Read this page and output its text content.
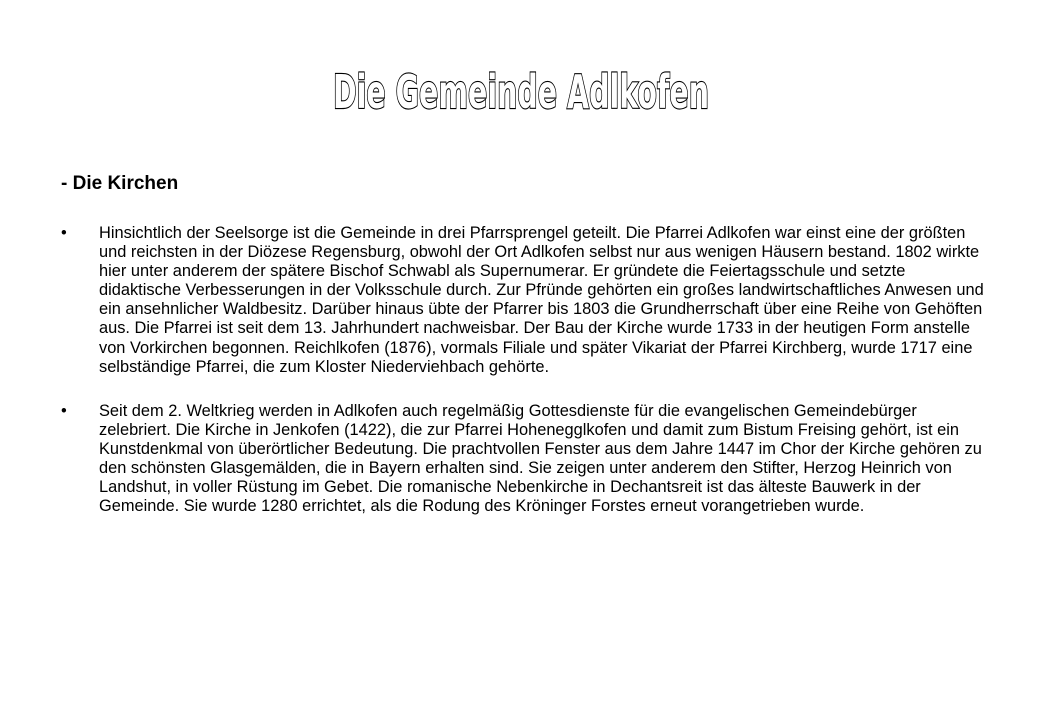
Die Gemeinde Adlkofen
- Die Kirchen
•	Hinsichtlich der Seelsorge ist die Gemeinde in drei Pfarrsprengel geteilt. Die Pfarrei Adlkofen war einst eine der größten und reichsten in der Diözese Regensburg, obwohl der Ort Adlkofen selbst nur aus wenigen Häusern bestand. 1802 wirkte hier unter anderem der spätere Bischof Schwabl als Supernumerar. Er gründete die Feiertagsschule und setzte didaktische Verbesserungen in der Volksschule durch. Zur Pfründe gehörten ein großes landwirtschaftliches Anwesen und ein ansehnlicher Waldbesitz. Darüber hinaus übte der Pfarrer bis 1803 die Grundherrschaft über eine Reihe von Gehöften aus. Die Pfarrei ist seit dem 13. Jahrhundert nachweisbar. Der Bau der Kirche wurde 1733 in der heutigen Form anstelle von Vorkirchen begonnen. Reichlkofen (1876), vormals Filiale und später Vikariat der Pfarrei Kirchberg, wurde 1717 eine selbständige Pfarrei, die zum Kloster Niederviehbach gehörte.
•	Seit dem 2. Weltkrieg werden in Adlkofen auch regelmäßig Gottesdienste für die evangelischen Gemeindebürger zelebriert. Die Kirche in Jenkofen (1422), die zur Pfarrei Hohenegglkofen und damit zum Bistum Freising gehört, ist ein Kunstdenkmal von überörtlicher Bedeutung. Die prachtvollen Fenster aus dem Jahre 1447 im Chor der Kirche gehören zu den schönsten Glasgemälden, die in Bayern erhalten sind. Sie zeigen unter anderem den Stifter, Herzog Heinrich von Landshut, in voller Rüstung im Gebet. Die romanische Nebenkirche in Dechantsreit ist das älteste Bauwerk in der Gemeinde. Sie wurde 1280 errichtet, als die Rodung des Kröninger Forstes erneut vorangetrieben wurde.
